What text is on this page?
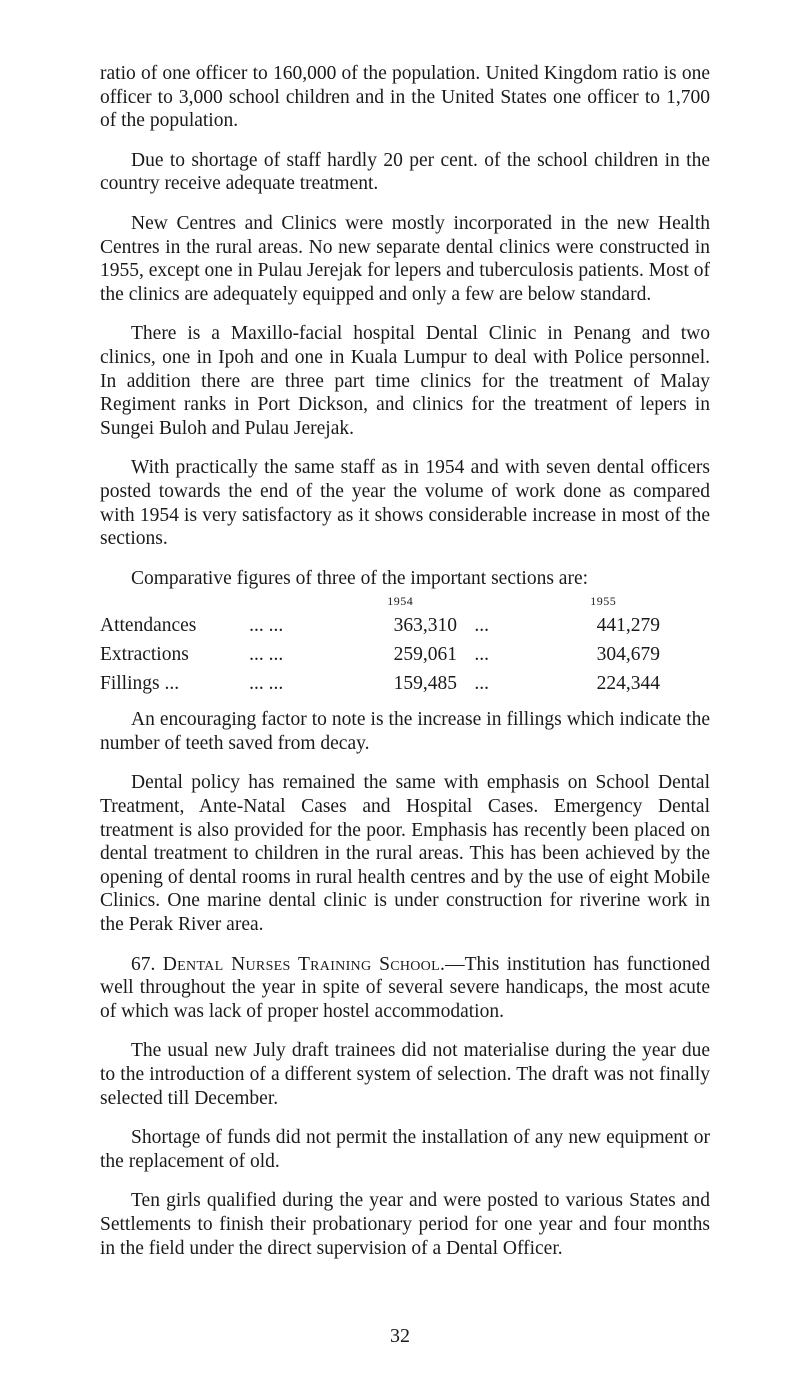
ratio of one officer to 160,000 of the population. United Kingdom ratio is one officer to 3,000 school children and in the United States one officer to 1,700 of the population.

Due to shortage of staff hardly 20 per cent. of the school children in the country receive adequate treatment.

New Centres and Clinics were mostly incorporated in the new Health Centres in the rural areas. No new separate dental clinics were constructed in 1955, except one in Pulau Jerejak for lepers and tuberculosis patients. Most of the clinics are adequately equipped and only a few are below standard.

There is a Maxillo-facial hospital Dental Clinic in Penang and two clinics, one in Ipoh and one in Kuala Lumpur to deal with Police personnel. In addition there are three part time clinics for the treatment of Malay Regiment ranks in Port Dickson, and clinics for the treatment of lepers in Sungei Buloh and Pulau Jerejak.

With practically the same staff as in 1954 and with seven dental officers posted towards the end of the year the volume of work done as compared with 1954 is very satisfactory as it shows considerable increase in most of the sections.

Comparative figures of three of the important sections are:

		1954		1955
Attendances	... ...	363,310	...	441,279
Extractions	... ...	259,061	...	304,679
Fillings ...	... ...	159,485	...	224,344

An encouraging factor to note is the increase in fillings which indicate the number of teeth saved from decay.

Dental policy has remained the same with emphasis on School Dental Treatment, Ante-Natal Cases and Hospital Cases. Emergency Dental treatment is also provided for the poor. Emphasis has recently been placed on dental treatment to children in the rural areas. This has been achieved by the opening of dental rooms in rural health centres and by the use of eight Mobile Clinics. One marine dental clinic is under construction for riverine work in the Perak River area.

67. Dental Nurses Training School.—This institution has functioned well throughout the year in spite of several severe handicaps, the most acute of which was lack of proper hostel accommodation.

The usual new July draft trainees did not materialise during the year due to the introduction of a different system of selection. The draft was not finally selected till December.

Shortage of funds did not permit the installation of any new equipment or the replacement of old.

Ten girls qualified during the year and were posted to various States and Settlements to finish their probationary period for one year and four months in the field under the direct supervision of a Dental Officer.

32
